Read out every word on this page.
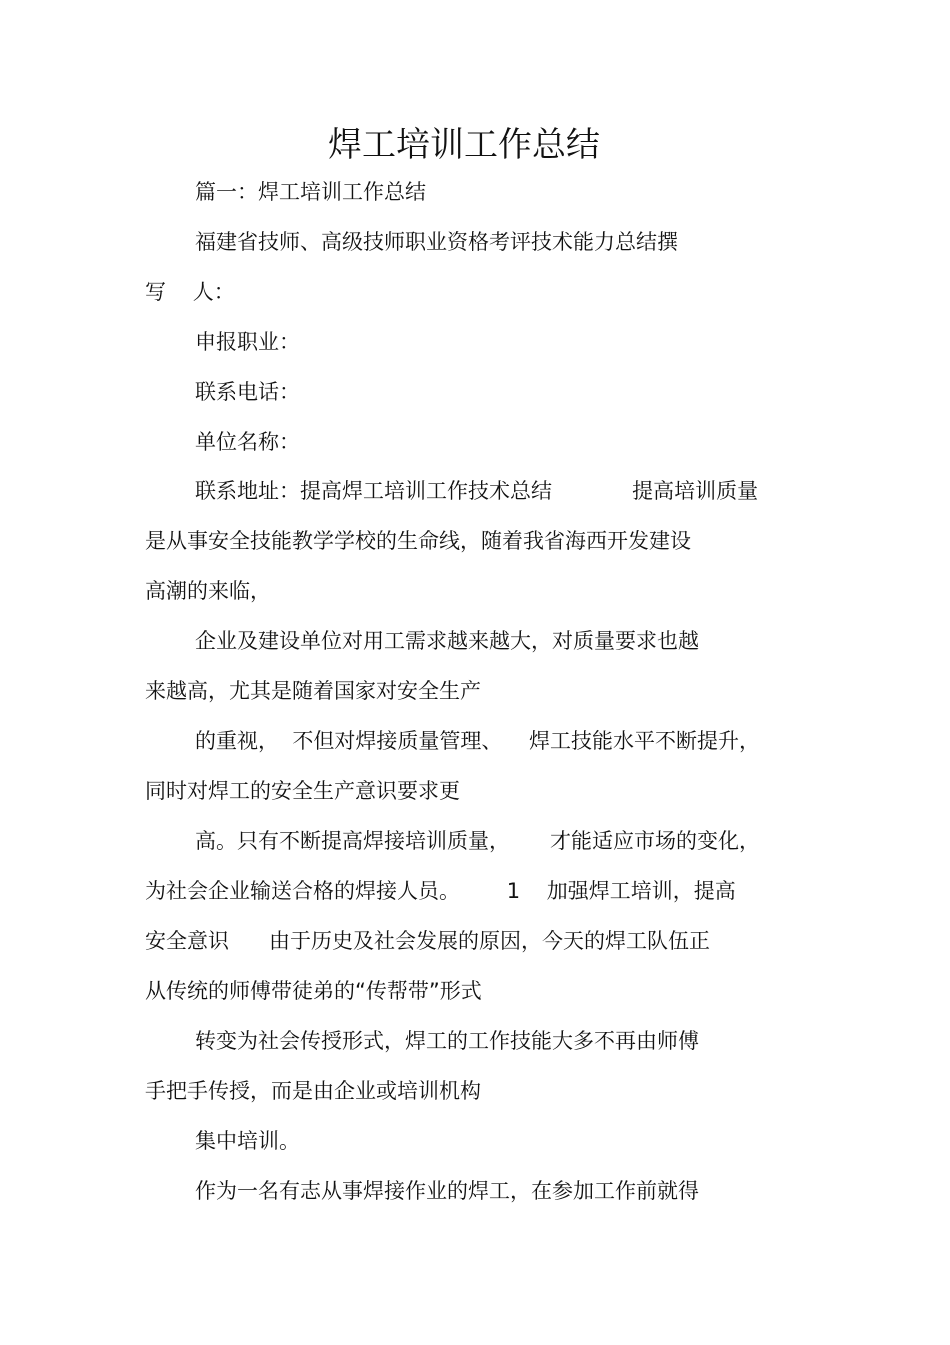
焊工培训工作总结
篇一：焊工培训工作总结
福建省技师、高级技师职业资格考评技术能力总结撰
写    人：
申报职业：
联系电话：
单位名称：
联系地址：提高焊工培训工作技术总结            提高培训质量
是从事安全技能教学学校的生命线，随着我省海西开发建设
高潮的来临，
企业及建设单位对用工需求越来越大，对质量要求也越
来越高，尤其是随着国家对安全生产
的重视，  不但对焊接质量管理、    焊工技能水平不断提升，
同时对焊工的安全生产意识要求更
高。只有不断提高焊接培训质量，      才能适应市场的变化，
为社会企业输送合格的焊接人员。       1    加强焊工培训，提高
安全意识      由于历史及社会发展的原因，今天的焊工队伍正
从传统的师傅带徒弟的“传帮带”形式
转变为社会传授形式，焊工的工作技能大多不再由师傅
手把手传授，而是由企业或培训机构
集中培训。
作为一名有志从事焊接作业的焊工，在参加工作前就得
